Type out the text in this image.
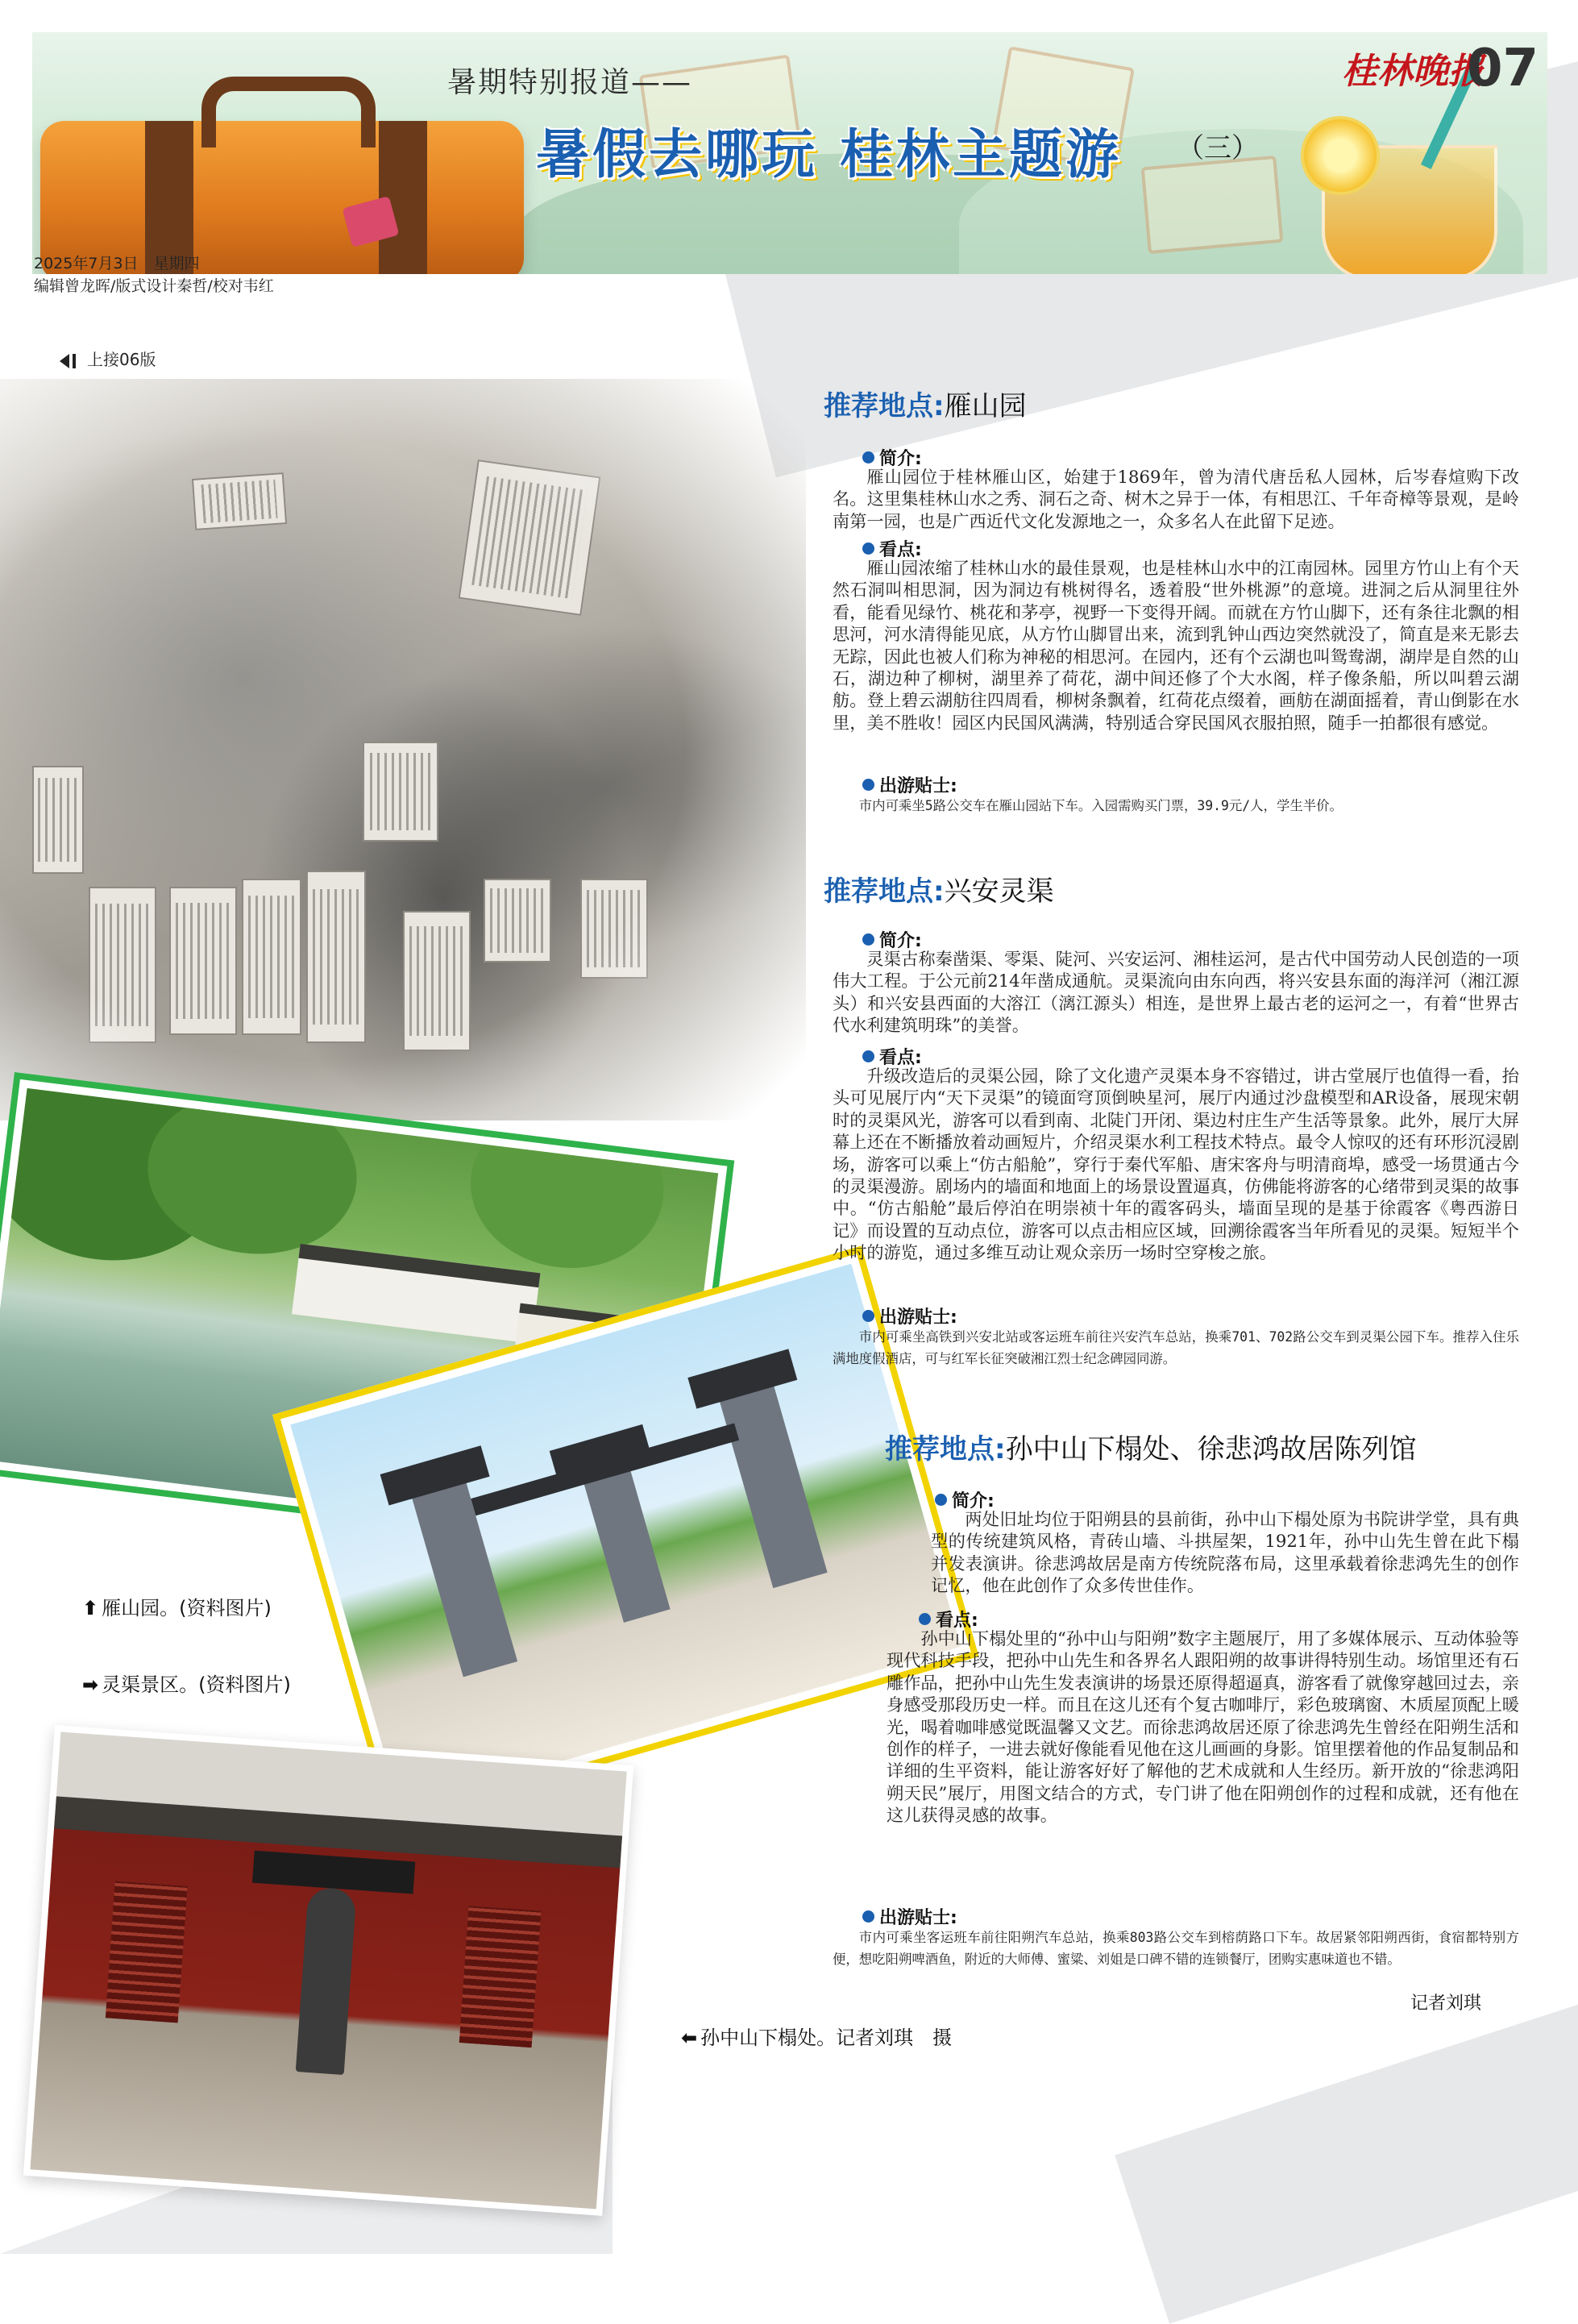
暑期特别报道——
暑假去哪玩 桂林主题游 （三）
桂林晚报
07
2025年7月3日　星期四
编辑曾龙晖/版式设计秦哲/校对韦红
上接06版
⬆ 雁山园。(资料图片)
➡ 灵渠景区。(资料图片)
⬅ 孙中山下榻处。记者刘琪　摄
推荐地点:雁山园
简介:

雁山园位于桂林雁山区，始建于1869年，曾为清代唐岳私人园林，后岑春煊购下改名。这里集桂林山水之秀、洞石之奇、树木之异于一体，有相思江、千年奇樟等景观，是岭南第一园，也是广西近代文化发源地之一，众多名人在此留下足迹。

看点:

雁山园浓缩了桂林山水的最佳景观，也是桂林山水中的江南园林。园里方竹山上有个天然石洞叫相思洞，因为洞边有桃树得名，透着股“世外桃源”的意境。进洞之后从洞里往外看，能看见绿竹、桃花和茅亭，视野一下变得开阔。而就在方竹山脚下，还有条往北飘的相思河，河水清得能见底，从方竹山脚冒出来，流到乳钟山西边突然就没了，简直是来无影去无踪，因此也被人们称为神秘的相思河。在园内，还有个云湖也叫鸳鸯湖，湖岸是自然的山石，湖边种了柳树，湖里养了荷花，湖中间还修了个大水阁，样子像条船，所以叫碧云湖舫。登上碧云湖舫往四周看，柳树条飘着，红荷花点缀着，画舫在湖面摇着，青山倒影在水里，美不胜收！园区内民国风满满，特别适合穿民国风衣服拍照，随手一拍都很有感觉。

出游贴士:

市内可乘坐5路公交车在雁山园站下车。入园需购买门票，39.9元/人，学生半价。

推荐地点:兴安灵渠
简介:

灵渠古称秦凿渠、零渠、陡河、兴安运河、湘桂运河，是古代中国劳动人民创造的一项伟大工程。于公元前214年凿成通航。灵渠流向由东向西，将兴安县东面的海洋河（湘江源头）和兴安县西面的大溶江（漓江源头）相连，是世界上最古老的运河之一，有着“世界古代水利建筑明珠”的美誉。

看点:

升级改造后的灵渠公园，除了文化遗产灵渠本身不容错过，讲古堂展厅也值得一看，抬头可见展厅内“天下灵渠”的镜面穹顶倒映星河，展厅内通过沙盘模型和AR设备，展现宋朝时的灵渠风光，游客可以看到南、北陡门开闭、渠边村庄生产生活等景象。此外，展厅大屏幕上还在不断播放着动画短片，介绍灵渠水利工程技术特点。最令人惊叹的还有环形沉浸剧场，游客可以乘上“仿古船舱”，穿行于秦代军船、唐宋客舟与明清商埠，感受一场贯通古今的灵渠漫游。剧场内的墙面和地面上的场景设置逼真，仿佛能将游客的心绪带到灵渠的故事中。“仿古船舱”最后停泊在明崇祯十年的霞客码头，墙面呈现的是基于徐霞客《粤西游日记》而设置的互动点位，游客可以点击相应区域，回溯徐霞客当年所看见的灵渠。短短半个小时的游览，通过多维互动让观众亲历一场时空穿梭之旅。

出游贴士:

市内可乘坐高铁到兴安北站或客运班车前往兴安汽车总站，换乘701、702路公交车到灵渠公园下车。推荐入住乐满地度假酒店，可与红军长征突破湘江烈士纪念碑园同游。

推荐地点:孙中山下榻处、徐悲鸿故居陈列馆
简介:

两处旧址均位于阳朔县的县前街，孙中山下榻处原为书院讲学堂，具有典型的传统建筑风格，青砖山墙、斗拱屋架，1921年，孙中山先生曾在此下榻并发表演讲。徐悲鸿故居是南方传统院落布局，这里承载着徐悲鸿先生的创作记忆，他在此创作了众多传世佳作。

看点:

孙中山下榻处里的“孙中山与阳朔”数字主题展厅，用了多媒体展示、互动体验等现代科技手段，把孙中山先生和各界名人跟阳朔的故事讲得特别生动。场馆里还有石雕作品，把孙中山先生发表演讲的场景还原得超逼真，游客看了就像穿越回过去，亲身感受那段历史一样。而且在这儿还有个复古咖啡厅，彩色玻璃窗、木质屋顶配上暖光，喝着咖啡感觉既温馨又文艺。而徐悲鸿故居还原了徐悲鸿先生曾经在阳朔生活和创作的样子，一进去就好像能看见他在这儿画画的身影。馆里摆着他的作品复制品和详细的生平资料，能让游客好好了解他的艺术成就和人生经历。新开放的“徐悲鸿阳朔天民”展厅，用图文结合的方式，专门讲了他在阳朔创作的过程和成就，还有他在这儿获得灵感的故事。

出游贴士:

市内可乘坐客运班车前往阳朔汽车总站，换乘803路公交车到榕荫路口下车。故居紧邻阳朔西街，食宿都特别方便，想吃阳朔啤酒鱼，附近的大师傅、蜜粱、刘姐是口碑不错的连锁餐厅，团购实惠味道也不错。

记者刘琪
